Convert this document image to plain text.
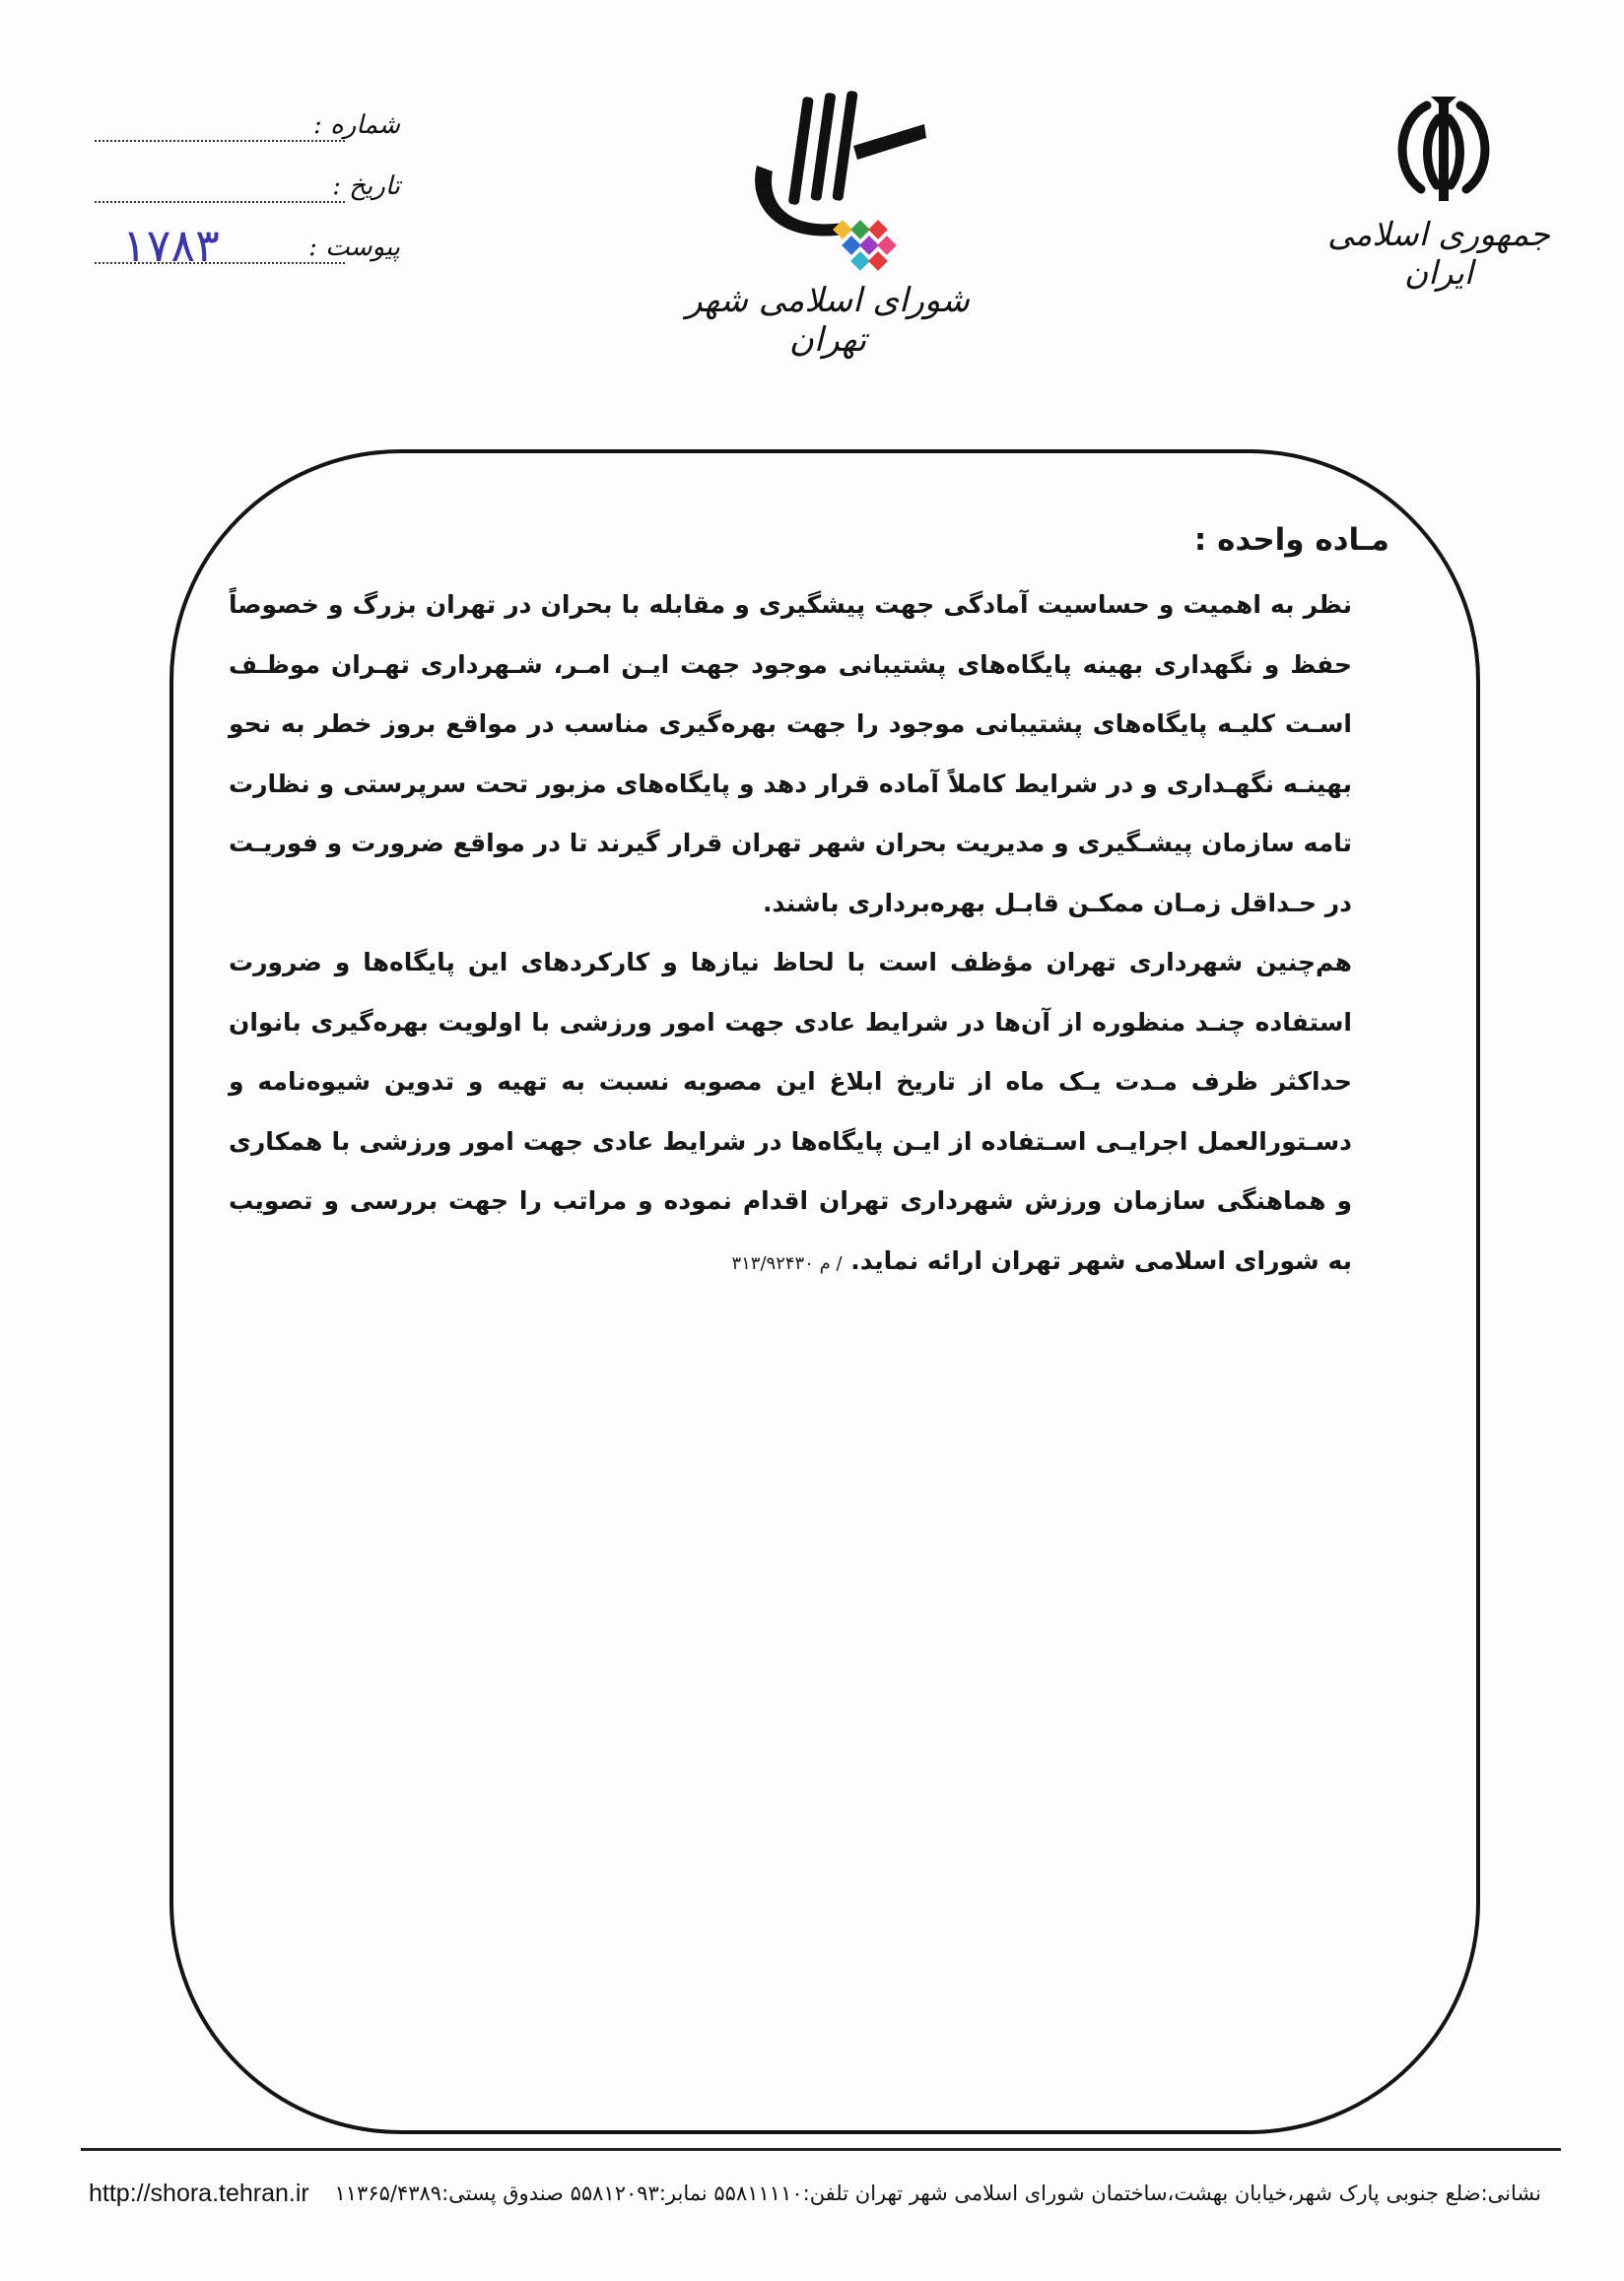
جمهوری اسلامی ایران
شورای اسلامی شهر تهران
شماره :
تاریخ :
پیوست :
۱۷۸۳
مـاده واحده :

نظر به اهمیت و حساسیت آمادگی جهت پیشگیری و مقابله با بحران در تهران بزرگ و خصوصاً حفظ و نگهداری بهینه پایگاه‌های پشتیبانی موجود جهت ایـن امـر، شـهرداری تهـران موظـف اسـت کلیـه پایگاه‌های پشتیبانی موجود را جهت بهره‌گیری مناسب در مواقع بروز خطر به نحو بهینـه نگهـداری و در شرایط کاملاً آماده قرار دهد و پایگاه‌های مزبور تحت سرپرستی و نظارت تامه سازمان پیشـگیری و مدیریت بحران شهر تهران قرار گیرند تا در مواقع ضرورت و فوریـت در حـداقل زمـان ممکـن قابـل بهره‌برداری باشند.

هم‌چنین شهرداری تهران مؤظف است با لحاظ نیازها و کارکردهای این پایگاه‌ها و ضرورت استفاده چنـد منظوره از آن‌ها در شرایط عادی جهت امور ورزشی با اولویت بهره‌گیری بانوان حداکثر ظرف مـدت یـک ماه از تاریخ ابلاغ این مصوبه نسبت به تهیه و تدوین شیوه‌نامه و دسـتورالعمل اجرایـی اسـتفاده از ایـن پایگاه‌ها در شرایط عادی جهت امور ورزشی با همکاری و هماهنگی سازمان ورزش شهرداری تهران اقدام نموده و مراتب را جهت بررسی و تصویب به شورای اسلامی شهر تهران ارائه نماید. / م ۳۱۳/۹۲۴۳۰

نشانی:ضلع جنوبی پارک شهر،خیابان بهشت،ساختمان شورای اسلامی شهر تهران تلفن:۵۵۸۱۱۱۱۰ نمابر:۵۵۸۱۲۰۹۳ صندوق پستی:۱۱۳۶۵/۴۳۸۹
http://shora.tehran.ir
